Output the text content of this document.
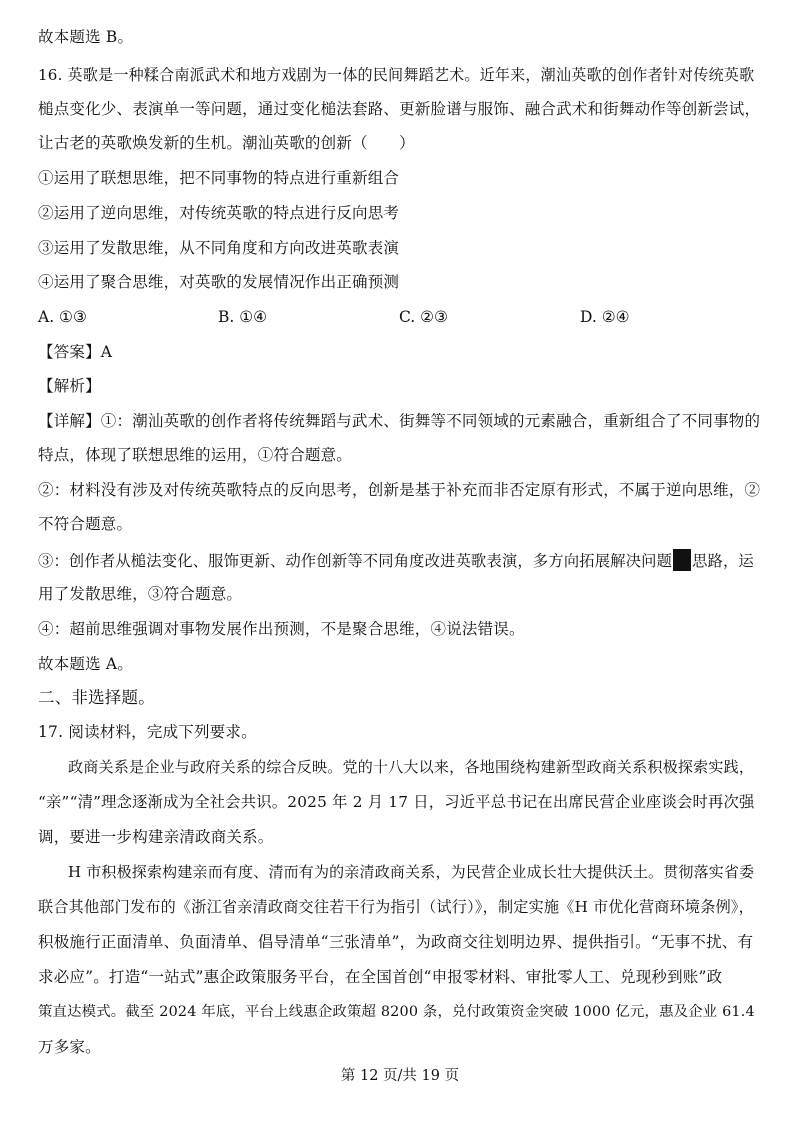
故本题选 B。
16. 英歌是一种糅合南派武术和地方戏剧为一体的民间舞蹈艺术。近年来，潮汕英歌的创作者针对传统英歌
槌点变化少、表演单一等问题，通过变化槌法套路、更新脸谱与服饰、融合武术和街舞动作等创新尝试，
让古老的英歌焕发新的生机。潮汕英歌的创新（　　）
①运用了联想思维，把不同事物的特点进行重新组合
②运用了逆向思维，对传统英歌的特点进行反向思考
③运用了发散思维，从不同角度和方向改进英歌表演
④运用了聚合思维，对英歌的发展情况作出正确预测
A. ①③	B. ①④	C. ②③	D. ②④
【答案】A
【解析】
【详解】①：潮汕英歌的创作者将传统舞蹈与武术、街舞等不同领域的元素融合，重新组合了不同事物的
特点，体现了联想思维的运用，①符合题意。
②：材料没有涉及对传统英歌特点的反向思考，创新是基于补充而非否定原有形式，不属于逆向思维，②
不符合题意。
③：创作者从槌法变化、服饰更新、动作创新等不同角度改进英歌表演，多方向拓展解决问题 思路，运
用了发散思维，③符合题意。
④：超前思维强调对事物发展作出预测，不是聚合思维，④说法错误。
故本题选 A。
二、非选择题。
17. 阅读材料，完成下列要求。
政商关系是企业与政府关系的综合反映。党的十八大以来，各地围绕构建新型政商关系积极探索实践，
“亲”“清”理念逐渐成为全社会共识。2025 年 2 月 17 日，习近平总书记在出席民营企业座谈会时再次强
调，要进一步构建亲清政商关系。
H 市积极探索构建亲而有度、清而有为的亲清政商关系，为民营企业成长壮大提供沃土。贯彻落实省委
联合其他部门发布的《浙江省亲清政商交往若干行为指引（试行）》，制定实施《H 市优化营商环境条例》，
积极施行正面清单、负面清单、倡导清单“三张清单”，为政商交往划明边界、提供指引。“无事不扰、有
求必应”。打造“一站式”惠企政策服务平台，在全国首创“申报零材料、审批零人工、兑现秒到账”政
策直达模式。截至 2024 年底，平台上线惠企政策超 8200 条，兑付政策资金突破 1000 亿元，惠及企业 61.4
万多家。
第 12 页/共 19 页
